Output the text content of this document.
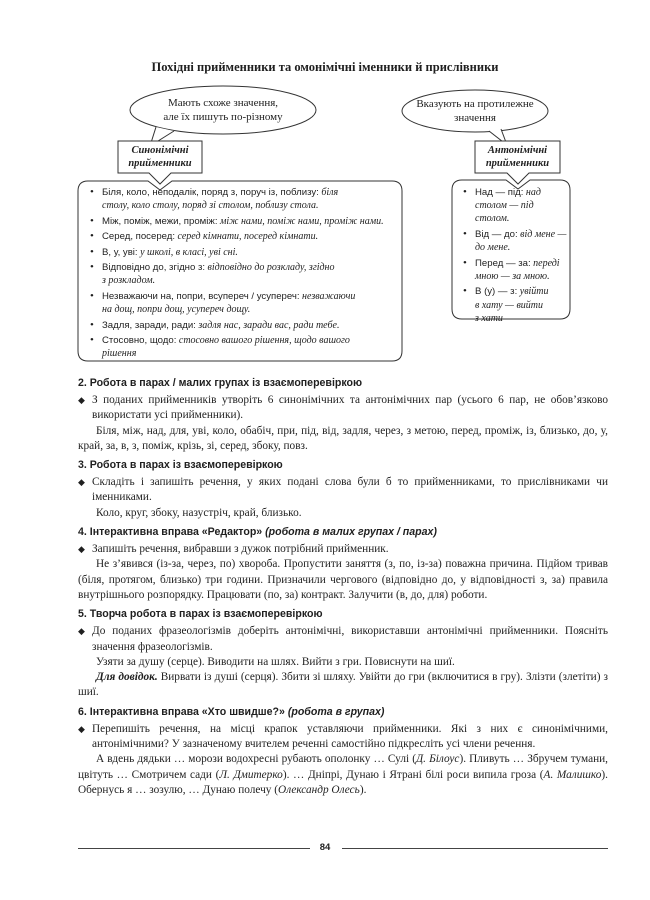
Похідні прийменники та омонімічні іменники й прислівники
Мають схоже значення,
але їх пишуть по-різному
Вказують на протилежне
значення
Синонімічні
прийменники
Антонімічні
прийменники
• Біля, коло, неподалік, поряд з, поруч із, поблизу: біля
столу, коло столу, поряд зі столом, поблизу стола.
• Між, поміж, межи, проміж: між нами, поміж нами, проміж нами.
• Серед, посеред: серед кімнати, посеред кімнати.
• В, у, уві: у школі, в класі, уві сні.
• Відповідно до, згідно з: відповідно до розкладу, згідно
з розкладом.
• Незважаючи на, попри, всупереч / усупереч: незважаючи
на дощ, попри дощ, усупереч дощу.
• Задля, заради, ради: задля нас, заради вас, ради тебе.
• Стосовно, щодо: стосовно вашого рішення, щодо вашого
рішення
• Над — під: над
столом — під столом.
• Від — до: від мене —
до мене.
• Перед — за: переді
мною — за мною.
• В (у) — з: увійти
в хату — вийти
з хати
2. Робота в парах / малих групах із взаємоперевіркою

◆ З поданих прийменників утворіть 6 синонімічних та антонімічних пар (усього 6 пар, не обов’язково використати усі прийменники).

Біля, між, над, для, уві, коло, обабіч, при, під, від, задля, через, з метою, перед, проміж, із, близько, до, у, край, за, в, з, поміж, крізь, зі, серед, збоку, повз.

3. Робота в парах із взаємоперевіркою

◆ Складіть і запишіть речення, у яких подані слова були б то прийменниками, то прислівниками чи іменниками.

Коло, круг, збоку, назустріч, край, близько.

4. Інтерактивна вправа «Редактор» (робота в малих групах / парах)

◆ Запишіть речення, вибравши з дужок потрібний прийменник.

Не з’явився (із-за, через, по) хвороба. Пропустити заняття (з, по, із-за) поважна причина. Підйом тривав (біля, протягом, близько) три години. Призначили чергового (відповідно до, у відповідності з, за) правила внутрішнього розпорядку. Працювати (по, за) контракт. Залучити (в, до, для) роботи.

5. Творча робота в парах із взаємоперевіркою

◆ До поданих фразеологізмів доберіть антонімічні, використавши антонімічні прийменники. Поясніть значення фразеологізмів.

Узяти за душу (серце). Виводити на шлях. Вийти з гри. Повиснути на шиї.

Для довідок. Вирвати із душі (серця). Збити зі шляху. Увійти до гри (включитися в гру). Злізти (злетіти) з шиї.

6. Інтерактивна вправа «Хто швидше?» (робота в групах)

◆ Перепишіть речення, на місці крапок уставляючи прийменники. Які з них є синонімічними, антонімічними? У зазначеному вчителем реченні самостійно підкресліть усі члени речення.

А вдень дядьки … морози водохресні рубають ополонку … Сулі (Д. Білоус). Пливуть … Збручем тумани, цвітуть … Смотричем сади (Л. Дмитерко). … Дніпрі, Дунаю і Ятрані білі роси випила гроза (А. Малишко). Обернусь я … зозулю, … Дунаю полечу (Олександр Олесь).

84
